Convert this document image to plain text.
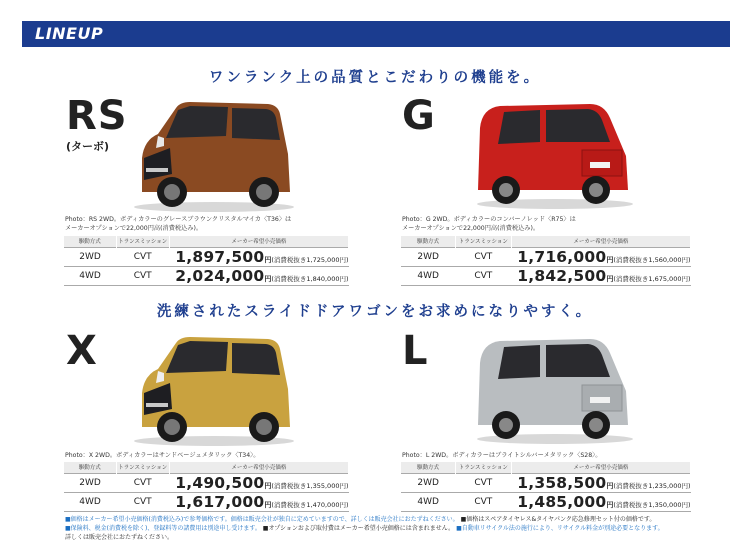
LINEUP
ワンランク上の品質とこだわりの機能を。
洗練されたスライドドアワゴンをお求めになりやすく。
RS
(ターボ)
G
X	L
Photo：RS 2WD。ボディカラーのグレースブラウンクリスタルマイカ〈T36〉は
メーカーオプションで22,000円高(消費税込み)。
Photo：G 2WD。ボディカラーのコンバーノレッド〈R75〉は
メーカーオプションで22,000円高(消費税込み)。
Photo：X 2WD。ボディカラーはサンドベージュメタリック〈T34〉。	Photo：L 2WD。ボディカラーはブライトシルバーメタリック〈S28〉。
駆動方式	トランスミッション	メーカー希望小売価格
2WD	CVT	1,897,500円(消費税抜き1,725,000円)
4WD	CVT	2,024,000円(消費税抜き1,840,000円)
駆動方式	トランスミッション	メーカー希望小売価格
2WD	CVT	1,716,000円(消費税抜き1,560,000円)
4WD	CVT	1,842,500円(消費税抜き1,675,000円)
駆動方式	トランスミッション	メーカー希望小売価格
2WD	CVT	1,490,500円(消費税抜き1,355,000円)
4WD	CVT	1,617,000円(消費税抜き1,470,000円)
駆動方式	トランスミッション	メーカー希望小売価格
2WD	CVT	1,358,500円(消費税抜き1,235,000円)
4WD	CVT	1,485,000円(消費税抜き1,350,000円)
■価格はメーカー希望小売価格(消費税込み)で参考価格です。価格は販売会社が独自に定めていますので、詳しくは販売会社におたずねください。 ■価格はスペアタイヤレス&タイヤパンク応急修理セット付の価格です。
■保険料、税金(消費税を除く)、登録料等の諸費用は別途申し受けます。 ■オプションおよび取付費はメーカー希望小売価格には含まれません。 ■自動車リサイクル法の施行により、リサイクル料金が別途必要となります。
詳しくは販売会社におたずねください。
